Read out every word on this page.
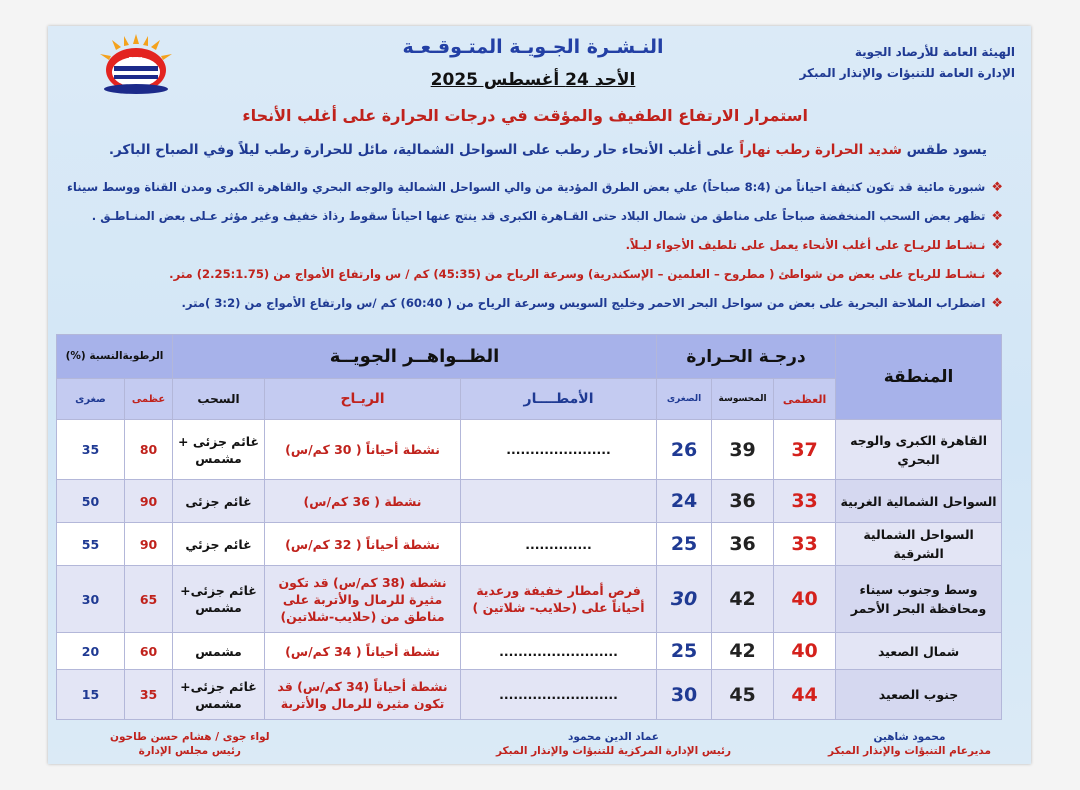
EMA
النـشـرة الجـويـة المتـوقـعـة
الأحد 24 أغسطس 2025
الهيئة العامة للأرصاد الجوية
الإدارة العامة للتنبؤات والإنذار المبكر
استمرار الارتفاع الطفيف والمؤقت في درجات الحرارة على أغلب الأنحاء
يسود طقس شديد الحرارة رطب نهاراً على أغلب الأنحاء حار رطب على السواحل الشمالية، مائل للحرارة رطب ليلاً وفي الصباح الباكر.
❖شبورة مائية قد تكون كثيفة احياناً من (8:4 صباحاً) علي بعض الطرق المؤدية من والي السواحل الشمالية والوجه البحري والقاهرة الكبرى ومدن القناة ووسط سيناء
❖تظهر بعض السحب المنخفضة صباحاً على مناطق من شمال البلاد حتى القـاهرة الكبرى قد ينتج عنها احياناً سقوط رذاذ خفيف وغير مؤثر عـلى بعض المنـاطـق .
❖نـشـاط للريـاح على أغلب الأنحاء يعمل على تلطيف الأجواء ليـلاً.
❖نـشـاط للرياح على بعض من شواطئ ( مطروح – العلمين – الإسكندرية) وسرعة الرياح من (45:35) كم / س وارتفاع الأمواج من (2.25:1.75) متر.
❖اضطراب الملاحة البحرية على بعض من سواحل البحر الاحمر وخليج السويس وسرعة الرياح من ( 60:40) كم /س وارتفاع الأمواج من (3:2 )متر.
المنطقة	درجـة الحـرارة			الظــواهــر الجويــة			الرطوبةالنسبة (%)	
	العظمى	المحسوسة	الصغرى	الأمطــــار	الريـاح	السحب	عظمى	صغرى
القاهرة الكبرى والوجه البحري	37	39	26	......................	نشطة أحياناً ( 30 كم/س)	غائم جزئى + مشمس	80	35
السواحل الشمالية الغربية	33	36	24		نشطة ( 36 كم/س)	غائم جزئى	90	50
السواحل الشمالية الشرقية	33	36	25	..............	نشطة أحياناً ( 32 كم/س)	غائم جزئي	90	55
وسط وجنوب سيناء ومحافظة البحر الأحمر	40	42	30	فرص أمطار خفيفة ورعدية أحياناً على (حلايب- شلاتين )	نشطة (38 كم/س) قد تكون مثيرة للرمال والأتربة على مناطق من (حلايب-شلاتين)	غائم جزئى+ مشمس	65	30
شمال الصعيد	40	42	25	.........................	نشطة أحياناً ( 34 كم/س)	مشمس	60	20
جنوب الصعيد	44	45	30	.........................	نشطة أحياناً (34 كم/س) قد تكون مثيرة للرمال والأتربة	غائم جزئى+ مشمس	35	15
محمود شاهين
مديرعام التنبؤات والإنذار المبكر
عماد الدين محمود
رئيس الإدارة المركزية للتنبؤات والإنذار المبكر
لواء جوى / هشام حسن طاحون
رئيس مجلس الإدارة
